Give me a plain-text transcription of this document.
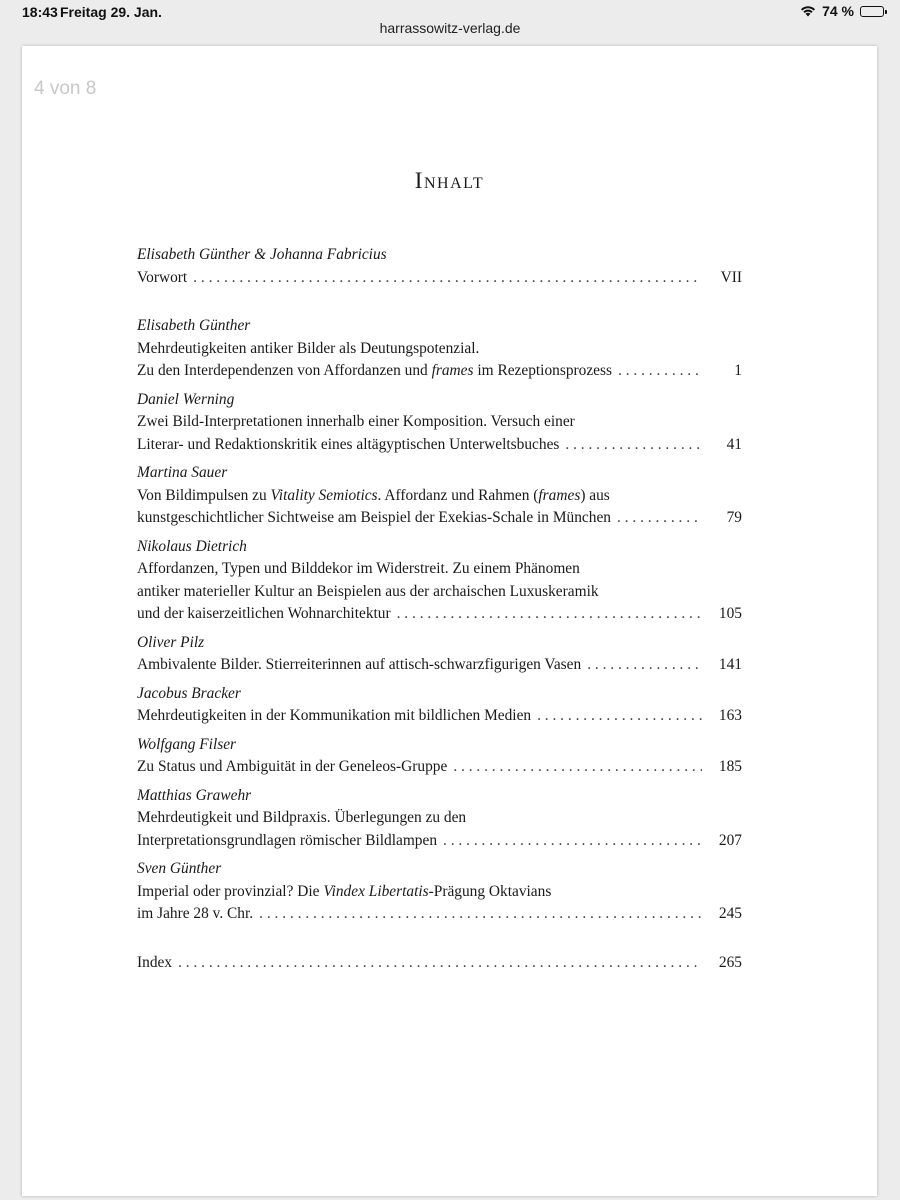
18:43 Freitag 29. Jan.	74 %
harrassowitz-verlag.de
4 von 8
Inhalt
Elisabeth Günther & Johanna Fabricius
Vorwort . . .	VII
Elisabeth Günther
Mehrdeutigkeiten antiker Bilder als Deutungspotenzial.
Zu den Interdependenzen von Affordanzen und frames im Rezeptionsprozess . . .	1
Daniel Werning
Zwei Bild-Interpretationen innerhalb einer Komposition. Versuch einer
Literar- und Redaktionskritik eines altägyptischen Unterweltsbuches . . .	41
Martina Sauer
Von Bildimpulsen zu Vitality Semiotics. Affordanz und Rahmen (frames) aus
kunstgeschichtlicher Sichtweise am Beispiel der Exekias-Schale in München . . .	79
Nikolaus Dietrich
Affordanzen, Typen und Bilddekor im Widerstreit. Zu einem Phänomen
antiker materieller Kultur an Beispielen aus der archaischen Luxuskeramik
und der kaiserzeitlichen Wohnarchitektur . . .	105
Oliver Pilz
Ambivalente Bilder. Stierreiterinnen auf attisch-schwarzfigurigen Vasen . . .	141
Jacobus Bracker
Mehrdeutigkeiten in der Kommunikation mit bildlichen Medien . . .	163
Wolfgang Filser
Zu Status und Ambiguität in der Geneleos-Gruppe . . .	185
Matthias Grawehr
Mehrdeutigkeit und Bildpraxis. Überlegungen zu den
Interpretationsgrundlagen römischer Bildlampen . . .	207
Sven Günther
Imperial oder provinzial? Die Vindex Libertatis-Prägung Oktavians
im Jahre 28 v. Chr. . . .	245
Index . . .	265
